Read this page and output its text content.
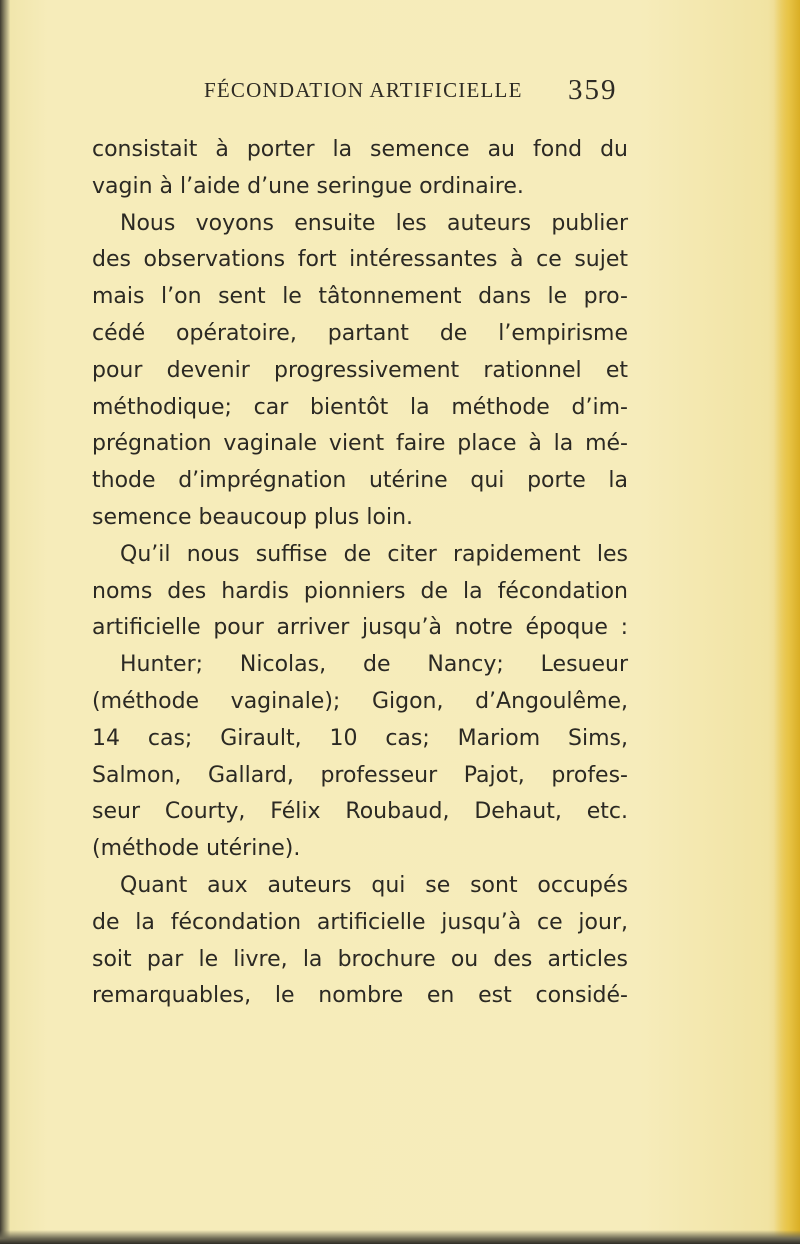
FÉCONDATION ARTIFICIELLE 359
consistait à porter la semence au fond du
vagin à l’aide d’une seringue ordinaire.
Nous voyons ensuite les auteurs publier
des observations fort intéressantes à ce sujet
mais l’on sent le tâtonnement dans le pro-
cédé opératoire, partant de l’empirisme
pour devenir progressivement rationnel et
méthodique; car bientôt la méthode d’im-
prégnation vaginale vient faire place à la mé-
thode d’imprégnation utérine qui porte la
semence beaucoup plus loin.
Qu’il nous suffise de citer rapidement les
noms des hardis pionniers de la fécondation
artificielle pour arriver jusqu’à notre époque :
Hunter; Nicolas, de Nancy; Lesueur
(méthode vaginale); Gigon, d’Angoulême,
14 cas; Girault, 10 cas; Mariom Sims,
Salmon, Gallard, professeur Pajot, profes-
seur Courty, Félix Roubaud, Dehaut, etc.
(méthode utérine).
Quant aux auteurs qui se sont occupés
de la fécondation artificielle jusqu’à ce jour,
soit par le livre, la brochure ou des articles
remarquables, le nombre en est considé-
